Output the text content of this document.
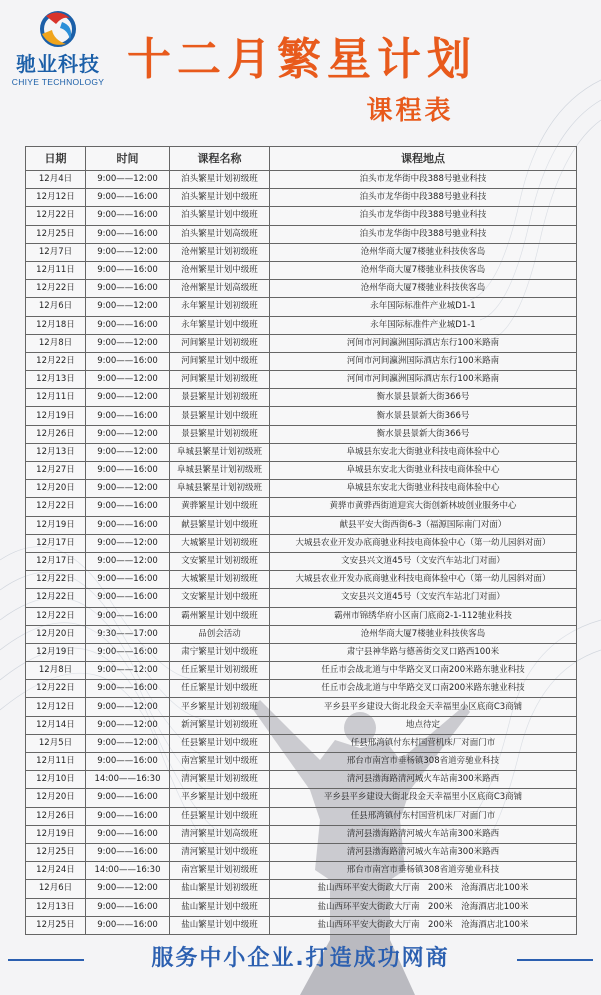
驰业科技
CHIYE TECHNOLOGY 十二月繁星计划
课程表
日期	时间	课程名称	课程地点
12月4日	9:00——12:00	泊头繁星计划初级班	泊头市龙华街中段388号驰业科技
12月12日	9:00——16:00	泊头繁星计划中级班	泊头市龙华街中段388号驰业科技
12月22日	9:00——16:00	泊头繁星计划中级班	泊头市龙华街中段388号驰业科技
12月25日	9:00——16:00	泊头繁星计划高级班	泊头市龙华街中段388号驰业科技
12月7日	9:00——12:00	沧州繁星计划初级班	沧州华商大厦7楼驰业科技侠客岛
12月11日	9:00——16:00	沧州繁星计划中级班	沧州华商大厦7楼驰业科技侠客岛
12月22日	9:00——16:00	沧州繁星计划高级班	沧州华商大厦7楼驰业科技侠客岛
12月6日	9:00——12:00	永年繁星计划初级班	永年国际标准件产业城D1-1
12月18日	9:00——16:00	永年繁星计划中级班	永年国际标准件产业城D1-1
12月8日	9:00——12:00	河间繁星计划初级班	河间市河间瀛洲国际酒店东行100米路南
12月22日	9:00——16:00	河间繁星计划中级班	河间市河间瀛洲国际酒店东行100米路南
12月13日	9:00——12:00	河间繁星计划初级班	河间市河间瀛洲国际酒店东行100米路南
12月11日	9:00——12:00	景县繁星计划初级班	衡水景县景新大街366号
12月19日	9:00——16:00	景县繁星计划中级班	衡水景县景新大街366号
12月26日	9:00——12:00	景县繁星计划初级班	衡水景县景新大街366号
12月13日	9:00——12:00	阜城县繁星计划初级班	阜城县东安北大街驰业科技电商体验中心
12月27日	9:00——16:00	阜城县繁星计划初级班	阜城县东安北大街驰业科技电商体验中心
12月20日	9:00——12:00	阜城县繁星计划初级班	阜城县东安北大街驰业科技电商体验中心
12月22日	9:00——16:00	黄骅繁星计划中级班	黄骅市黄骅西街道迎宾大街创新林坡创业服务中心
12月19日	9:00——16:00	献县繁星计划中级班	献县平安大街西街6-3（福源国际南门对面）
12月17日	9:00——12:00	大城繁星计划初级班	大城县农业开发办底商驰业科技电商体验中心（第一幼儿园斜对面）
12月17日	9:00——12:00	文安繁星计划初级班	文安县兴文道45号（文安汽车站北门对面）
12月22日	9:00——16:00	大城繁星计划初级班	大城县农业开发办底商驰业科技电商体验中心（第一幼儿园斜对面）
12月22日	9:00——16:00	文安繁星计划中级班	文安县兴文道45号（文安汽车站北门对面）
12月22日	9:00——16:00	霸州繁星计划中级班	霸州市锦绣华府小区南门底商2-1-112驰业科技
12月20日	9:30——17:00	品创会活动	沧州华商大厦7楼驰业科技侠客岛
12月19日	9:00——16:00	肃宁繁星计划中级班	肃宁县神华路与德善街交叉口路西100米
12月8日	9:00——12:00	任丘繁星计划初级班	任丘市会战北道与中华路交叉口南200米路东驰业科技
12月22日	9:00——16:00	任丘繁星计划中级班	任丘市会战北道与中华路交叉口南200米路东驰业科技
12月12日	9:00——12:00	平乡繁星计划初级班	平乡县平乡建设大街北段金天幸福里小区底商C3商铺
12月14日	9:00——12:00	新河繁星计划初级班	地点待定
12月5日	9:00——12:00	任县繁星计划中级班	任县邢湾镇付东村国营机床厂对面门市
12月11日	9:00——16:00	南宫繁星计划中级班	邢台市南宫市垂杨镇308省道旁驰业科技
12月10日	14:00——16:30	清河繁星计划初级班	清河县渤海路清河城火车站南300米路西
12月20日	9:00——16:00	平乡繁星计划中级班	平乡县平乡建设大街北段金天幸福里小区底商C3商铺
12月26日	9:00——16:00	任县繁星计划中级班	任县邢湾镇付东村国营机床厂对面门市
12月19日	9:00——16:00	清河繁星计划高级班	清河县渤海路清河城火车站南300米路西
12月25日	9:00——16:00	清河繁星计划中级班	清河县渤海路清河城火车站南300米路西
12月24日	14:00——16:30	南宫繁星计划初级班	邢台市南宫市垂杨镇308省道旁驰业科技
12月6日	9:00——12:00	盐山繁星计划初级班	盐山西环平安大街政大厅南　200米　沧海酒店北100米
12月13日	9:00——16:00	盐山繁星计划中级班	盐山西环平安大街政大厅南　200米　沧海酒店北100米
12月25日	9:00——16:00	盐山繁星计划中级班	盐山西环平安大街政大厅南　200米　沧海酒店北100米
服务中小企业.打造成功网商
